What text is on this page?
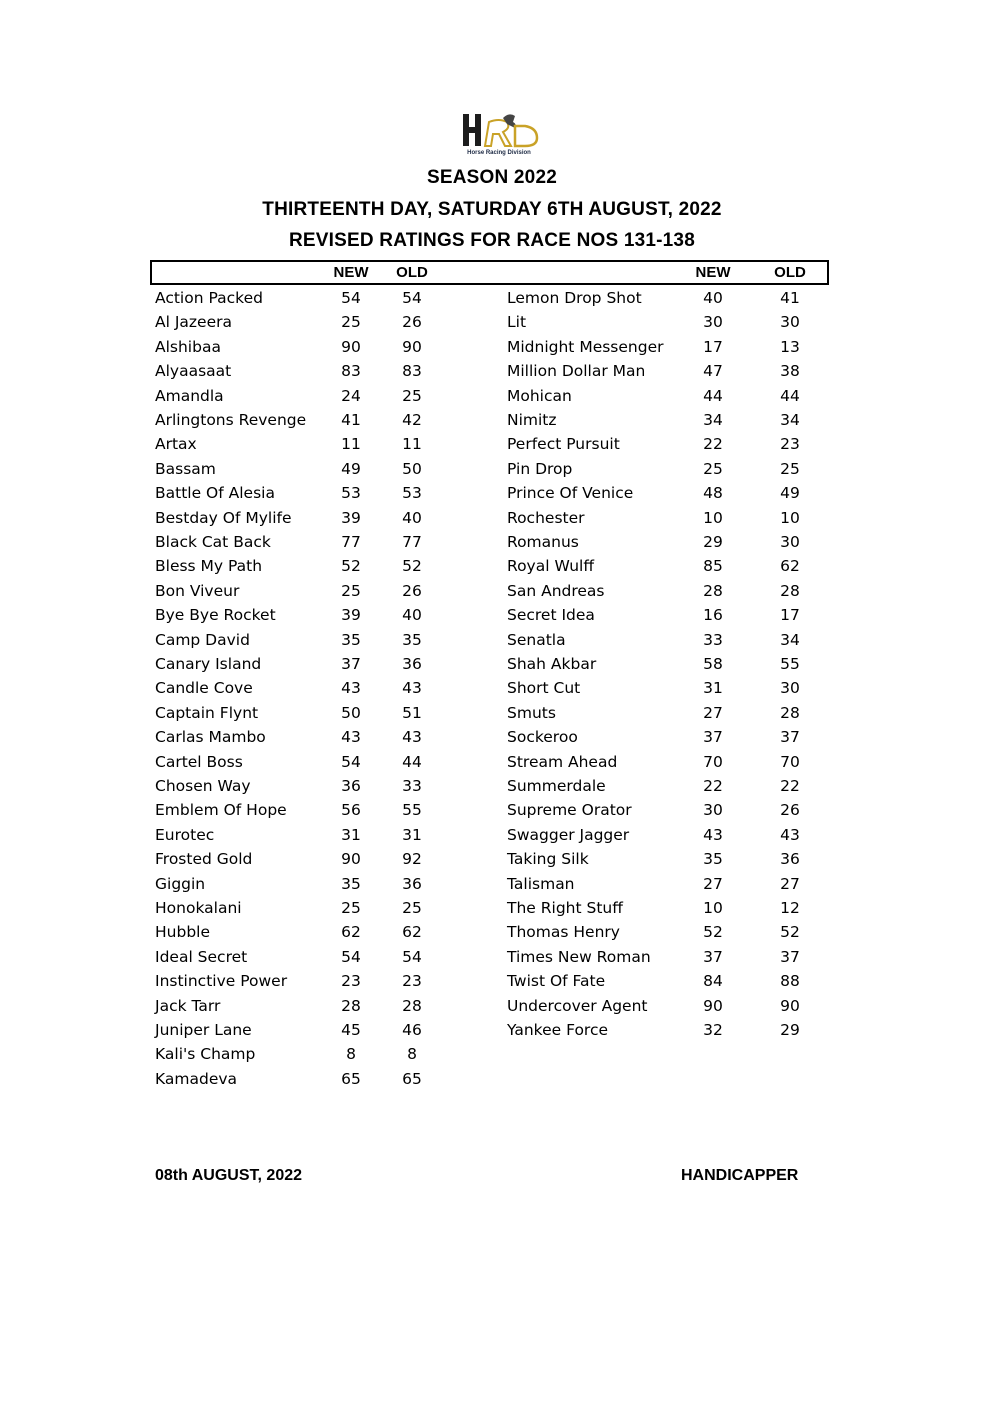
Horse Racing Division
SEASON 2022
THIRTEENTH DAY, SATURDAY 6TH AUGUST, 2022
REVISED RATINGS FOR RACE NOS 131-138
NEW	OLD	NEW	OLD
Action Packed	54	54
Al Jazeera	25	26
Alshibaa	90	90
Alyaasaat	83	83
Amandla	24	25
Arlingtons Revenge	41	42
Artax	11	11
Bassam	49	50
Battle Of Alesia	53	53
Bestday Of Mylife	39	40
Black Cat Back	77	77
Bless My Path	52	52
Bon Viveur	25	26
Bye Bye Rocket	39	40
Camp David	35	35
Canary Island	37	36
Candle Cove	43	43
Captain Flynt	50	51
Carlas Mambo	43	43
Cartel Boss	54	44
Chosen Way	36	33
Emblem Of Hope	56	55
Eurotec	31	31
Frosted Gold	90	92
Giggin	35	36
Honokalani	25	25
Hubble	62	62
Ideal Secret	54	54
Instinctive Power	23	23
Jack Tarr	28	28
Juniper Lane	45	46
Kali's Champ	8	8
Kamadeva	65	65
Lemon Drop Shot	40	41
Lit	30	30
Midnight Messenger	17	13
Million Dollar Man	47	38
Mohican	44	44
Nimitz	34	34
Perfect Pursuit	22	23
Pin Drop	25	25
Prince Of Venice	48	49
Rochester	10	10
Romanus	29	30
Royal Wulff	85	62
San Andreas	28	28
Secret Idea	16	17
Senatla	33	34
Shah Akbar	58	55
Short Cut	31	30
Smuts	27	28
Sockeroo	37	37
Stream Ahead	70	70
Summerdale	22	22
Supreme Orator	30	26
Swagger Jagger	43	43
Taking Silk	35	36
Talisman	27	27
The Right Stuff	10	12
Thomas Henry	52	52
Times New Roman	37	37
Twist Of Fate	84	88
Undercover Agent	90	90
Yankee Force	32	29
08th AUGUST, 2022	HANDICAPPER
